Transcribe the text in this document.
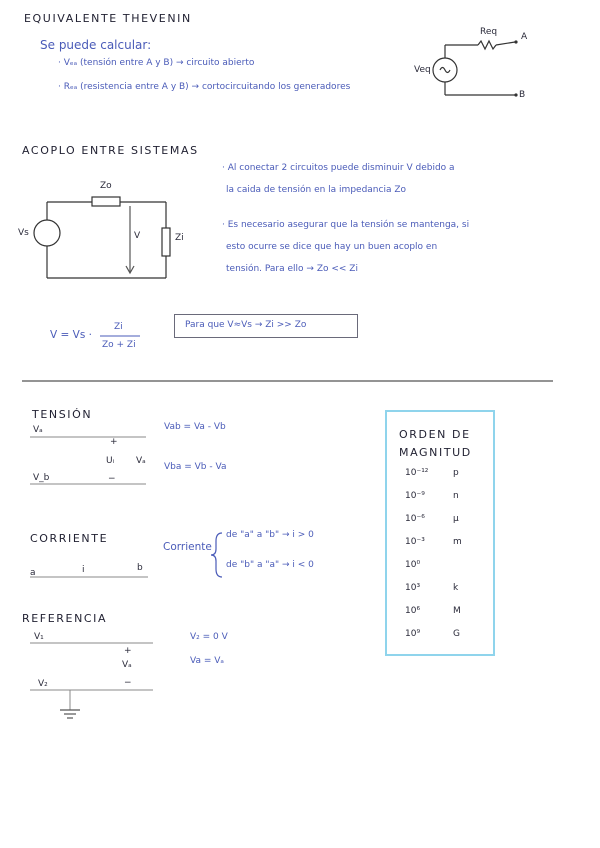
EQUIVALENTE THEVENIN
Se puede calcular:
· Vₑₐ (tensión entre A y B) → circuito abierto
· Rₑₐ (resistencia entre A y B) → cortocircuitando los generadores
Req
Veq
A
B
ACOPLO ENTRE SISTEMAS
Zo
Vs	V	Zi
· Al conectar 2 circuitos puede disminuir V debido a
la caida de tensión en la impedancia Zo
· Es necesario asegurar que la tensión se mantenga, si
esto ocurre se dice que hay un buen acoplo en
tensión. Para ello → Zo << Zi
V = Vs ·
Zi
Zo + Zi
Para que V≈Vs → Zi >> Zo
TENSIÓN
Vₐ
V_b
+
Uᵢ Vₐ
−
Vab = Va - Vb
Vba = Vb - Va
CORRIENTE
a	i	b
Corriente
de "a" a "b" → i > 0
de "b" a "a" → i < 0
REFERENCIA
V₁
V₂
+
Vₐ
−
V₂ = 0 V
Va = Vₐ
ORDEN DE
MAGNITUD
10⁻¹²	p
10⁻⁹	n
10⁻⁶	μ
10⁻³	m
10⁰
10³	k
10⁶	M
10⁹	G
